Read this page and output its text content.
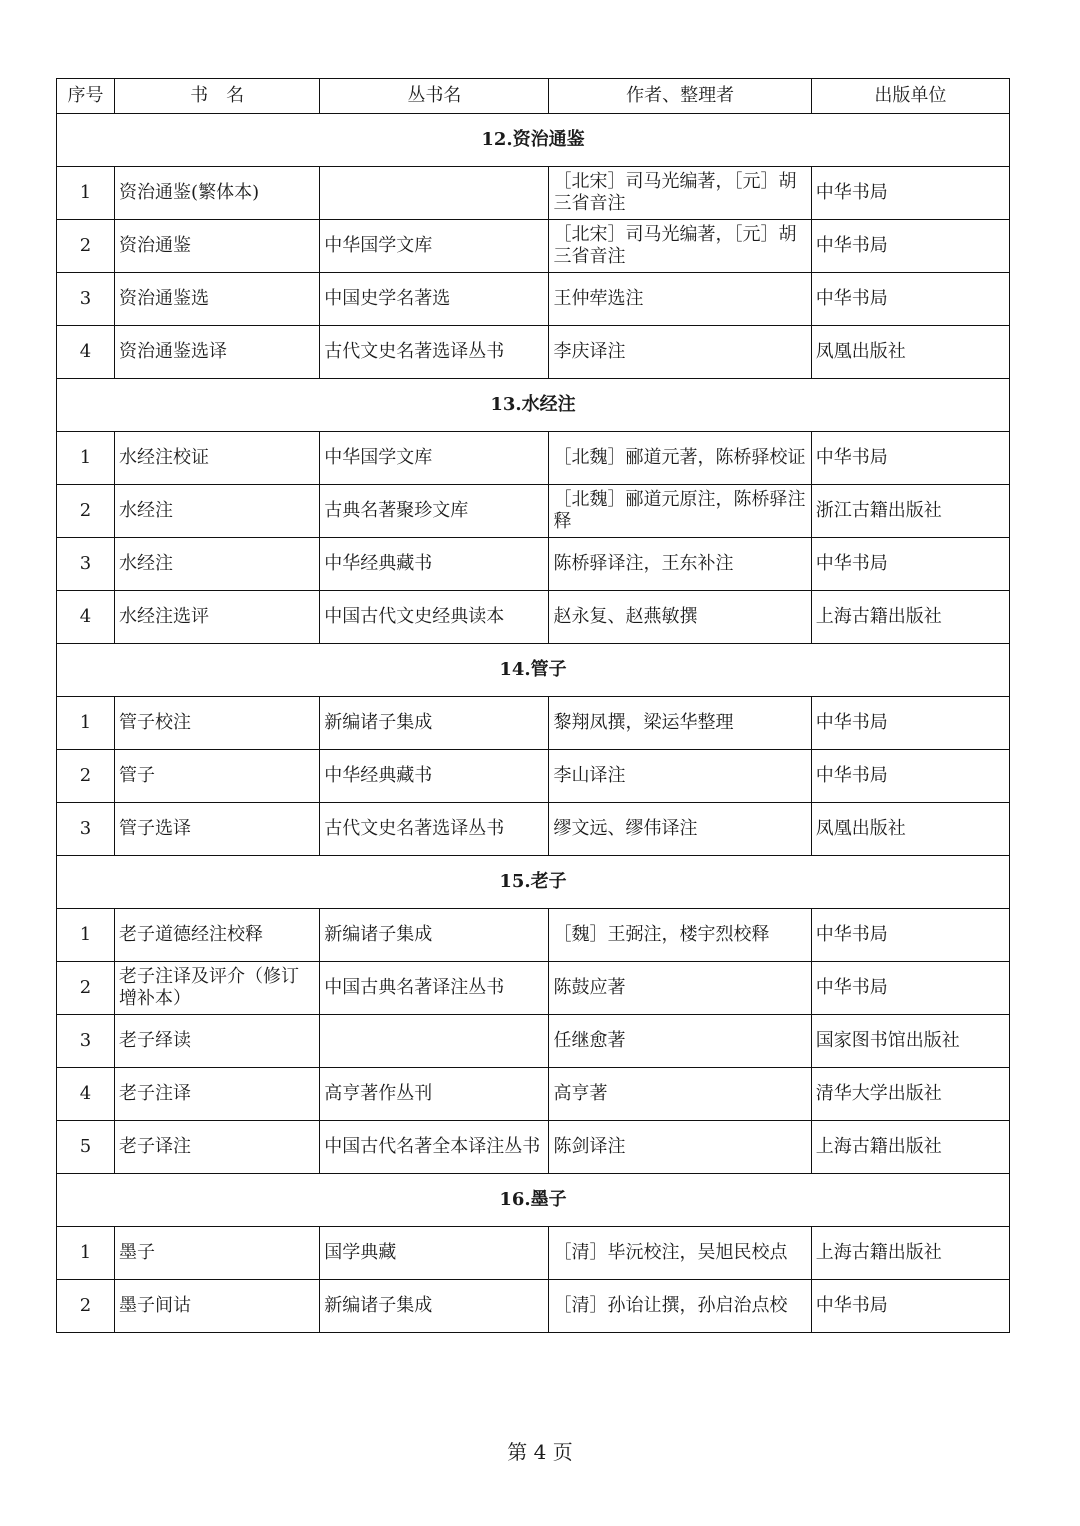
序号	书　名	丛书名	作者、整理者	出版单位
12.资治通鉴				
1	资治通鉴(繁体本)		［北宋］司马光编著，［元］胡三省音注	中华书局
2	资治通鉴	中华国学文库	［北宋］司马光编著，［元］胡三省音注	中华书局
3	资治通鉴选	中国史学名著选	王仲荦选注	中华书局
4	资治通鉴选译	古代文史名著选译丛书	李庆译注	凤凰出版社
13.水经注				
1	水经注校证	中华国学文库	［北魏］郦道元著，陈桥驿校证	中华书局
2	水经注	古典名著聚珍文库	［北魏］郦道元原注，陈桥驿注释	浙江古籍出版社
3	水经注	中华经典藏书	陈桥驿译注，王东补注	中华书局
4	水经注选评	中国古代文史经典读本	赵永复、赵燕敏撰	上海古籍出版社
14.管子				
1	管子校注	新编诸子集成	黎翔凤撰，梁运华整理	中华书局
2	管子	中华经典藏书	李山译注	中华书局
3	管子选译	古代文史名著选译丛书	缪文远、缪伟译注	凤凰出版社
15.老子				
1	老子道德经注校释	新编诸子集成	［魏］王弼注，楼宇烈校释	中华书局
2	老子注译及评介（修订增补本）	中国古典名著译注丛书	陈鼓应著	中华书局
3	老子绎读		任继愈著	国家图书馆出版社
4	老子注译	高亨著作丛刊	高亨著	清华大学出版社
5	老子译注	中国古代名著全本译注丛书	陈剑译注	上海古籍出版社
16.墨子				
1	墨子	国学典藏	［清］毕沅校注，吴旭民校点	上海古籍出版社
2	墨子间诂	新编诸子集成	［清］孙诒让撰，孙启治点校	中华书局
第 4 页
